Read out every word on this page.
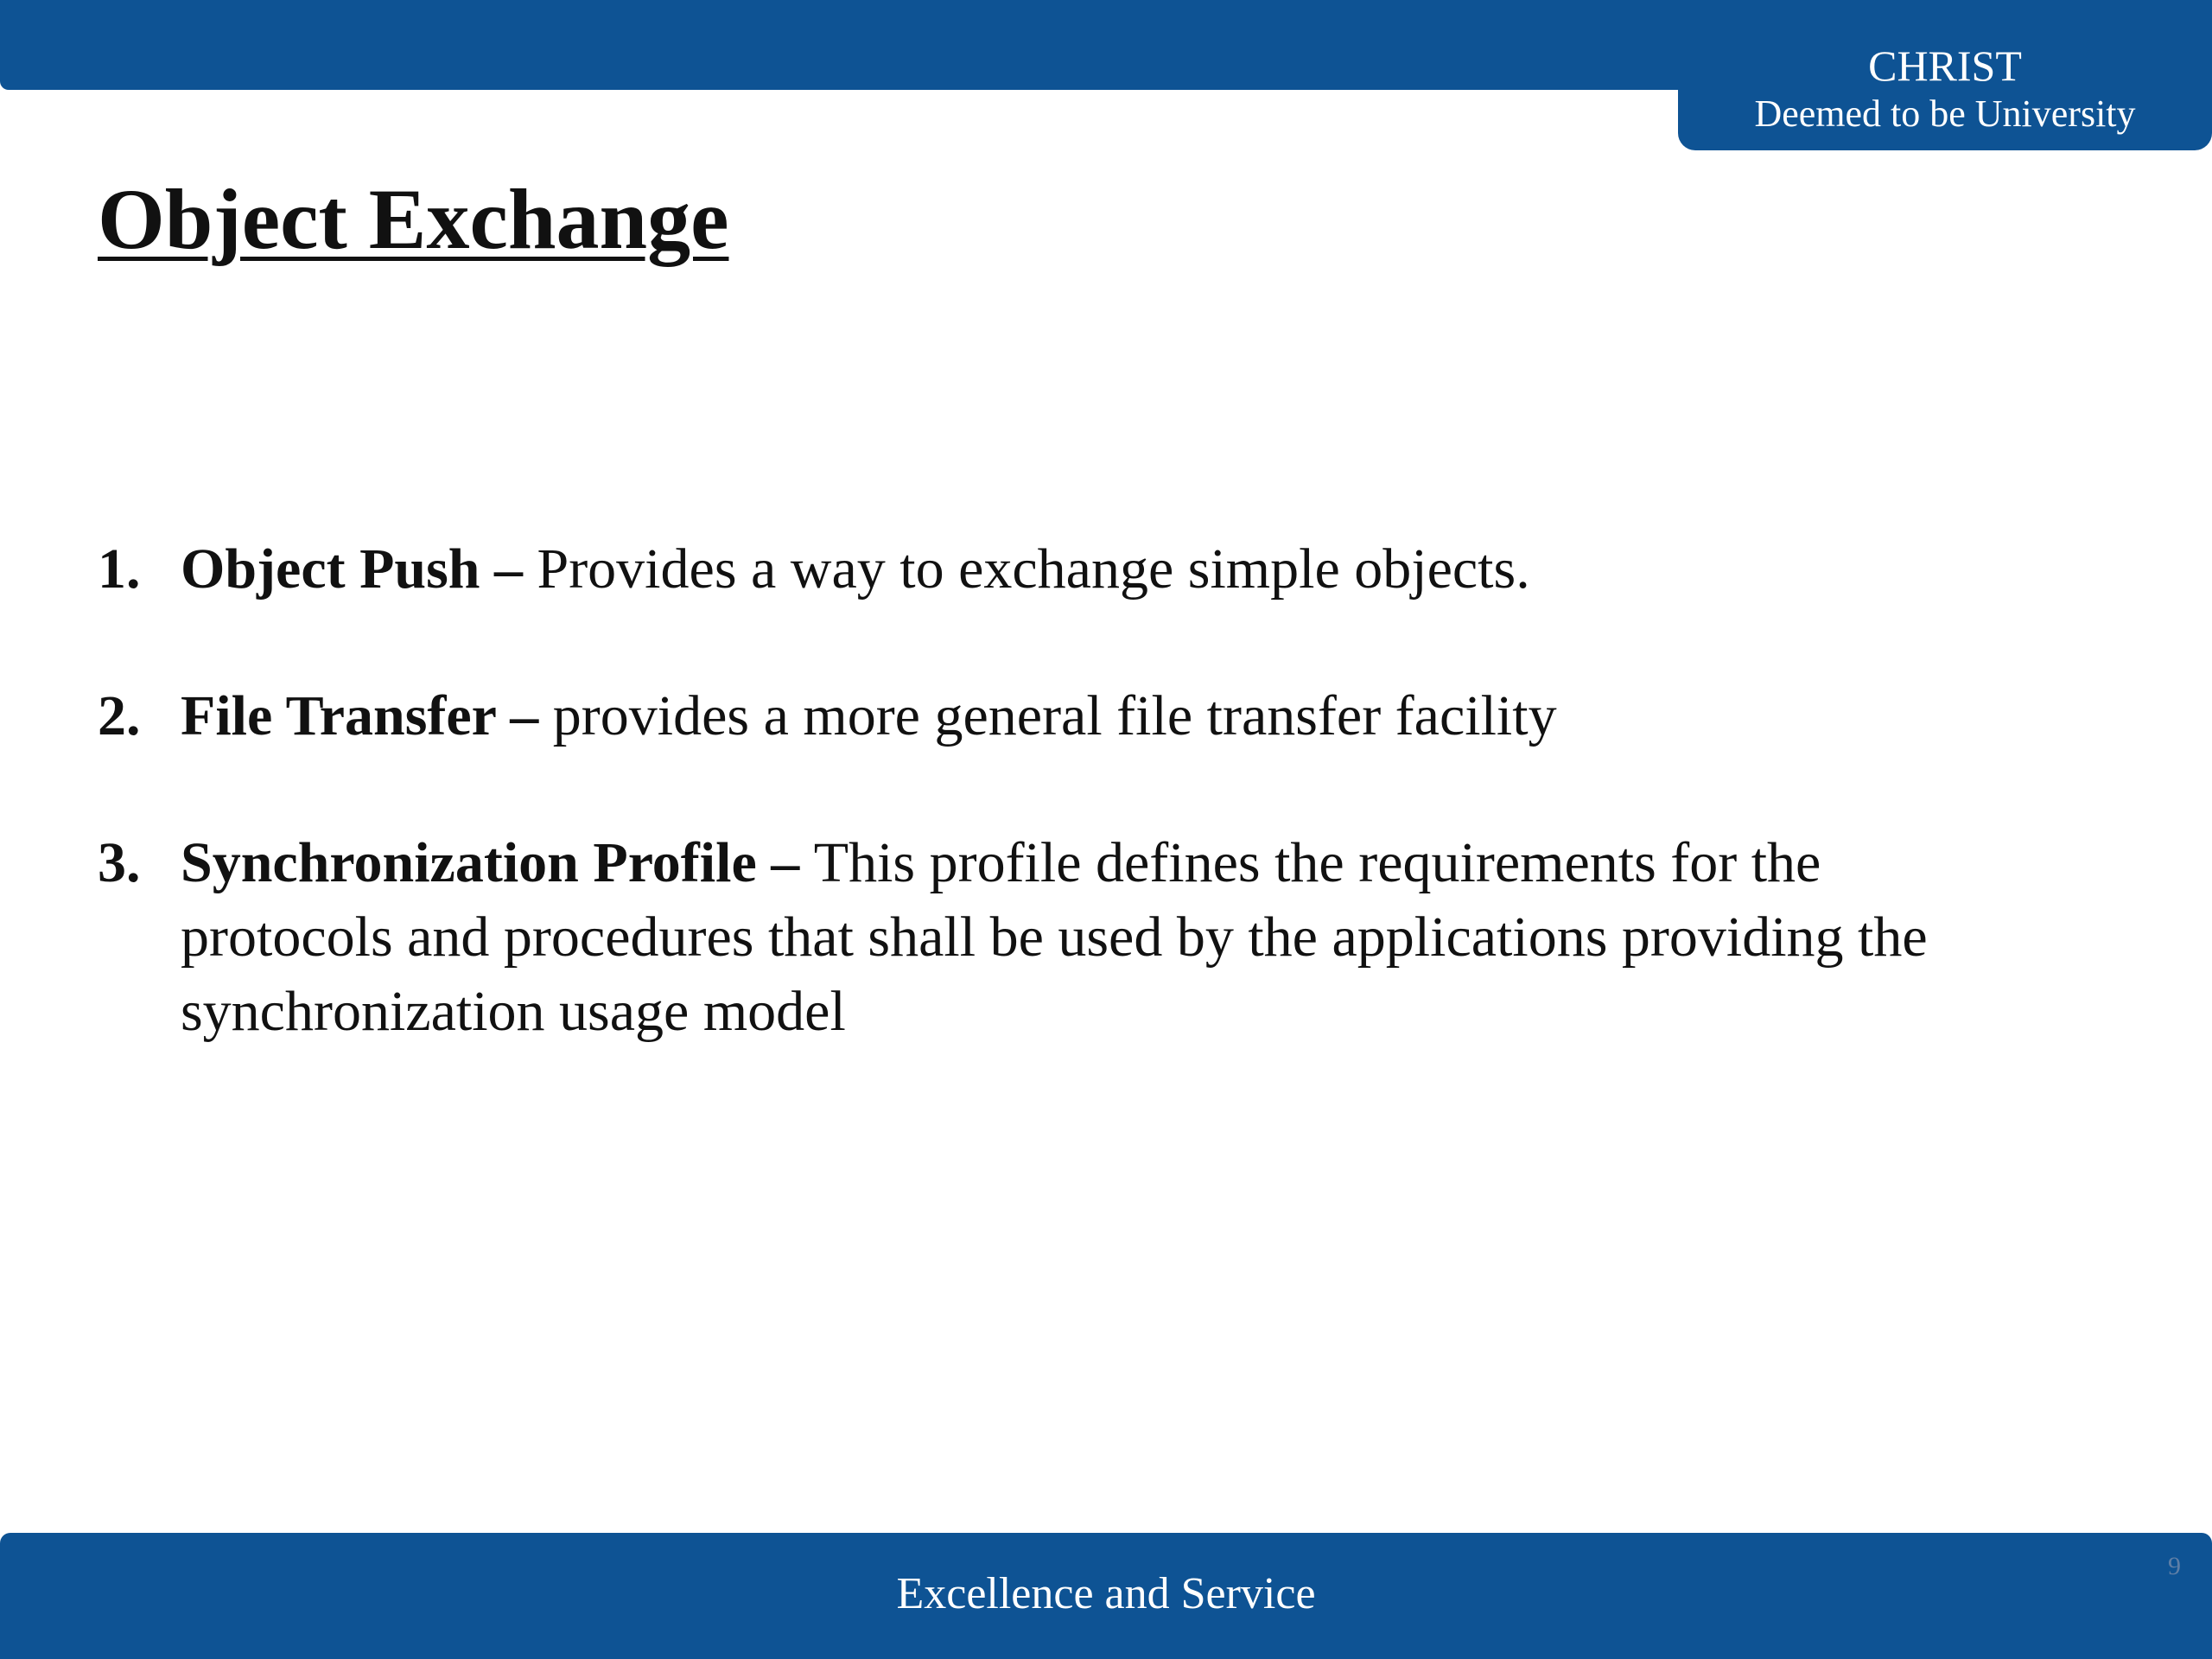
CHRIST
Deemed to be University
Object Exchange
1. Object Push – Provides a way to exchange simple objects.
2. File Transfer – provides a more general file transfer facility
3. Synchronization Profile – This profile defines the requirements for the protocols and procedures that shall be used by the applications providing the synchronization usage model
Excellence and Service
9
